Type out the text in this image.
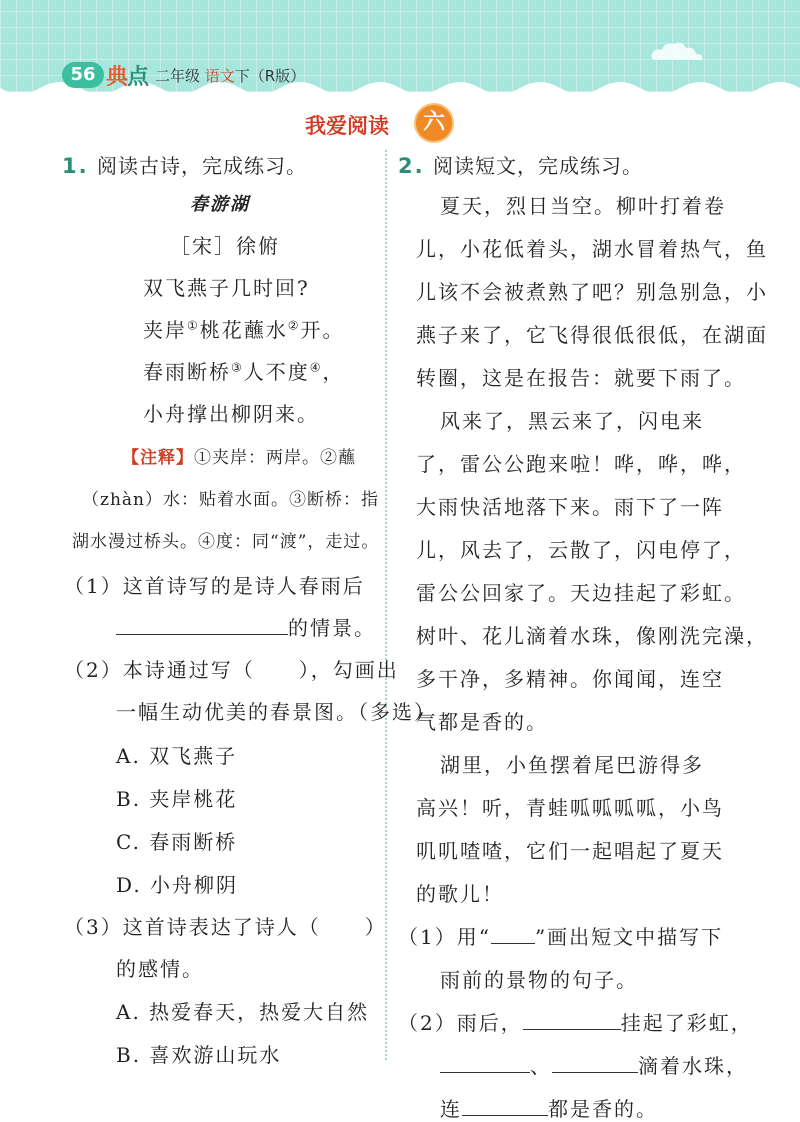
56 典点 二年级 语文下（R版）
我爱阅读	六
1. 阅读古诗，完成练习。
春游湖
［宋］徐俯
双飞燕子几时回?
夹岸①桃花蘸水②开。
春雨断桥③人不度④，
小舟撑出柳阴来。
【注释】①夹岸：两岸。②蘸
（zhàn）水：贴着水面。③断桥：指
湖水漫过桥头。④度：同“渡”，走过。
（1）这首诗写的是诗人春雨后
的情景。
（2）本诗通过写（　　），勾画出
一幅生动优美的春景图。（多选）
A. 双飞燕子
B. 夹岸桃花
C. 春雨断桥
D. 小舟柳阴
（3）这首诗表达了诗人（　　）
的感情。
A. 热爱春天，热爱大自然
B. 喜欢游山玩水
2. 阅读短文，完成练习。
夏天，烈日当空。柳叶打着卷
儿，小花低着头，湖水冒着热气，鱼
儿该不会被煮熟了吧？别急别急，小
燕子来了，它飞得很低很低，在湖面
转圈，这是在报告：就要下雨了。
风来了，黑云来了，闪电来
了，雷公公跑来啦！哗，哗，哗，
大雨快活地落下来。雨下了一阵
儿，风去了，云散了，闪电停了，
雷公公回家了。天边挂起了彩虹。
树叶、花儿滴着水珠，像刚洗完澡，
多干净，多精神。你闻闻，连空
气都是香的。
湖里，小鱼摆着尾巴游得多
高兴！听，青蛙呱呱呱呱，小鸟
叽叽喳喳，它们一起唱起了夏天
的歌儿！
（1）用“ ”画出短文中描写下
雨前的景物的句子。
（2）雨后，	挂起了彩虹，
、	滴着水珠，
连	都是香的。
